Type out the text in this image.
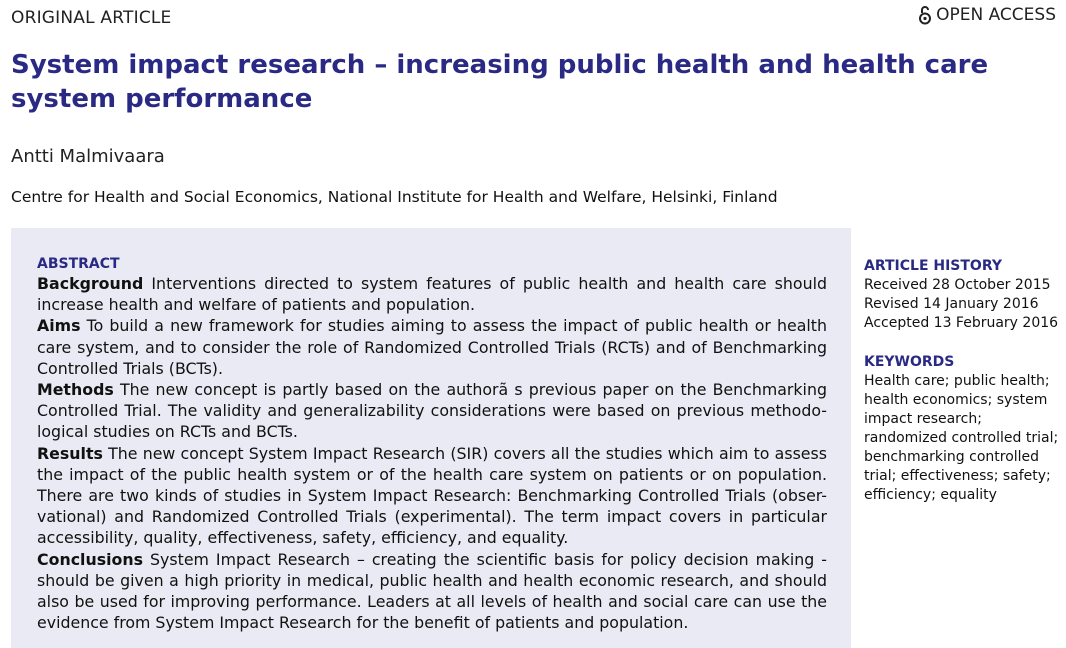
ORIGINAL ARTICLE	OPEN ACCESS
System impact research – increasing public health and health care system performance
Antti Malmivaara
Centre for Health and Social Economics, National Institute for Health and Welfare, Helsinki, Finland
ABSTRACT

Background Interventions directed to system features of public health and health care should increase health and welfare of patients and population.

Aims To build a new framework for studies aiming to assess the impact of public health or health care system, and to consider the role of Randomized Controlled Trials (RCTs) and of Benchmarking Controlled Trials (BCTs).

Methods The new concept is partly based on the authorã s previous paper on the Benchmarking Controlled Trial. The validity and generalizability considerations were based on previous methodo-logical studies on RCTs and BCTs.

Results The new concept System Impact Research (SIR) covers all the studies which aim to assess the impact of the public health system or of the health care system on patients or on population. There are two kinds of studies in System Impact Research: Benchmarking Controlled Trials (obser-vational) and Randomized Controlled Trials (experimental). The term impact covers in particular accessibility, quality, effectiveness, safety, efficiency, and equality.

Conclusions System Impact Research – creating the scientific basis for policy decision making - should be given a high priority in medical, public health and health economic research, and should also be used for improving performance. Leaders at all levels of health and social care can use the evidence from System Impact Research for the benefit of patients and population.

ARTICLE HISTORY
Received 28 October 2015
Revised 14 January 2016
Accepted 13 February 2016
KEYWORDS
Health care; public health; health economics; system impact research; randomized controlled trial; benchmarking controlled trial; effectiveness; safety; efficiency; equality
